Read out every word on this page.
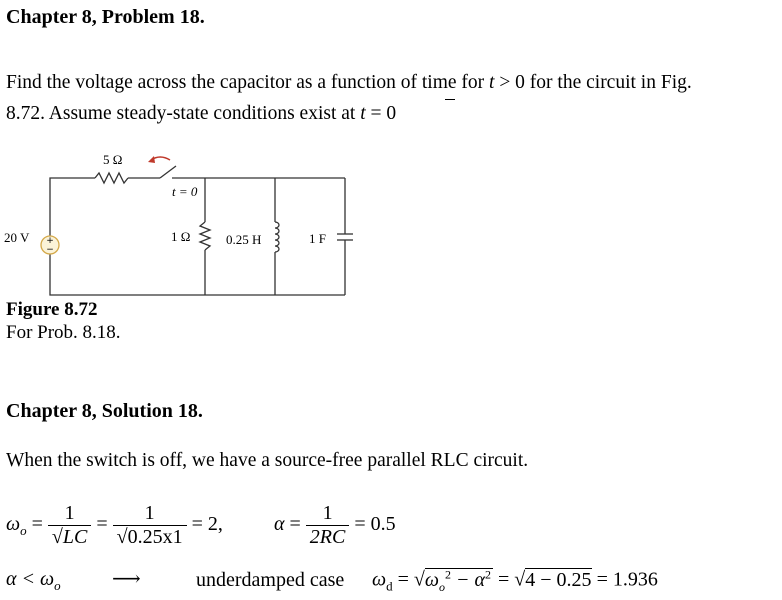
Chapter 8, Problem 18.
Find the voltage across the capacitor as a function of time for t > 0 for the circuit in Fig.
8.72. Assume steady-state conditions exist at t = 0
+
−
5 Ω
t = 0
20 V	1 Ω	0.25 H	1 F
Figure 8.72
For Prob. 8.18.
Chapter 8, Solution 18.
When the switch is off, we have a source-free parallel RLC circuit.
$\omega_o = \frac{1}{√LC} = \frac{1}{√0.25x1} = 2$,	$\alpha = \frac{1}{2RC} = 0.5$
$\alpha < \omega_o$	⟶	underdamped case $\omega_d = √\omega_o^2 - \alpha^2 = √4 - 0.25 = 1.936$
